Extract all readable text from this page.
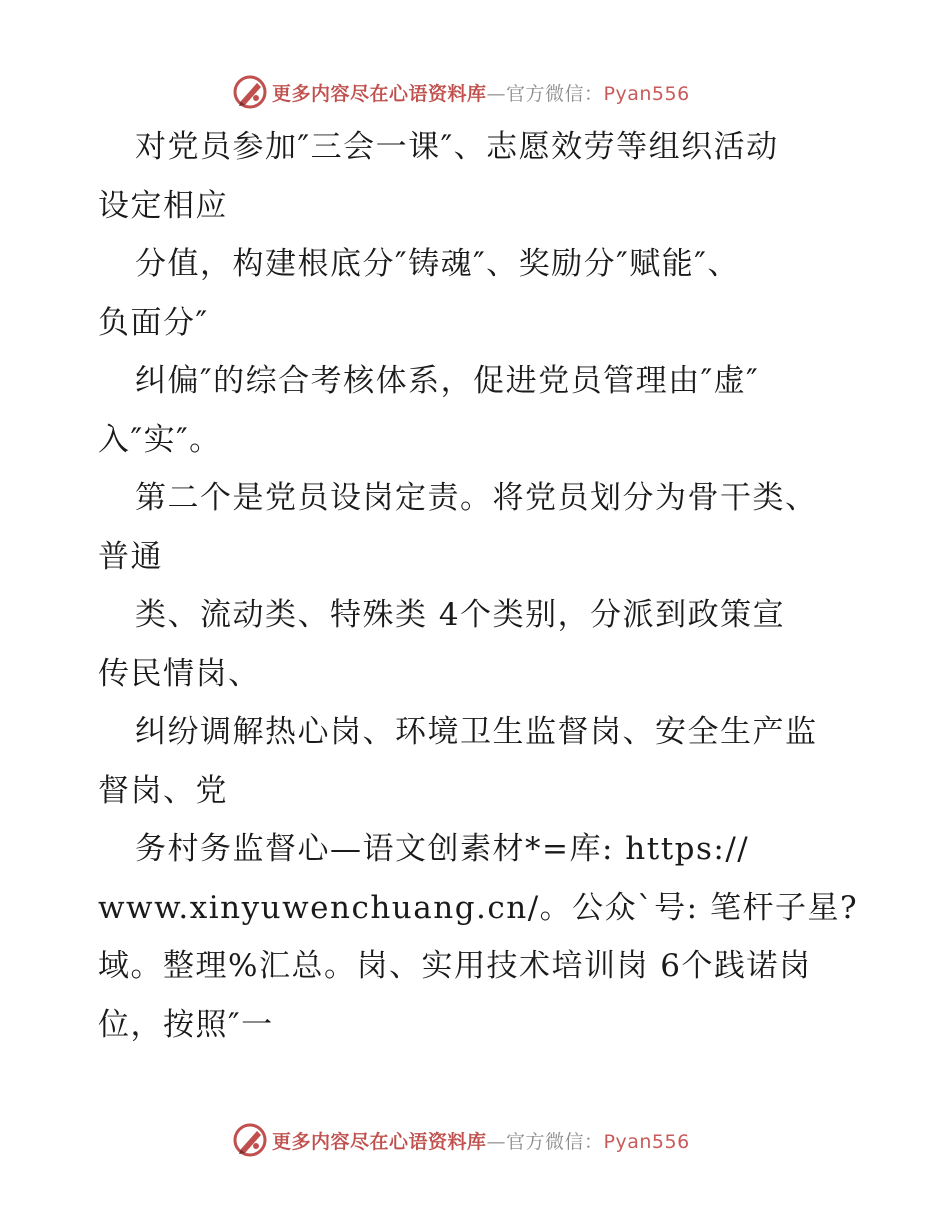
更多内容尽在心语资料库—官方微信：Pyan556
对党员参加″三会一课″、志愿效劳等组织活动
设定相应
分值，构建根底分″铸魂″、奖励分″赋能″、
负面分″
纠偏″的综合考核体系，促进党员管理由″虚″
入″实″。
第二个是党员设岗定责。将党员划分为骨干类、
普通
类、流动类、特殊类 4个类别，分派到政策宣
传民情岗、
纠纷调解热心岗、环境卫生监督岗、安全生产监
督岗、党
务村务监督心—语文创素材*=库: https://
www.xinyuwenchuang.cn/。公众`号: 笔杆子星?
域。整理%汇总。岗、实用技术培训岗 6个践诺岗
位，按照″一
更多内容尽在心语资料库—官方微信：Pyan556
